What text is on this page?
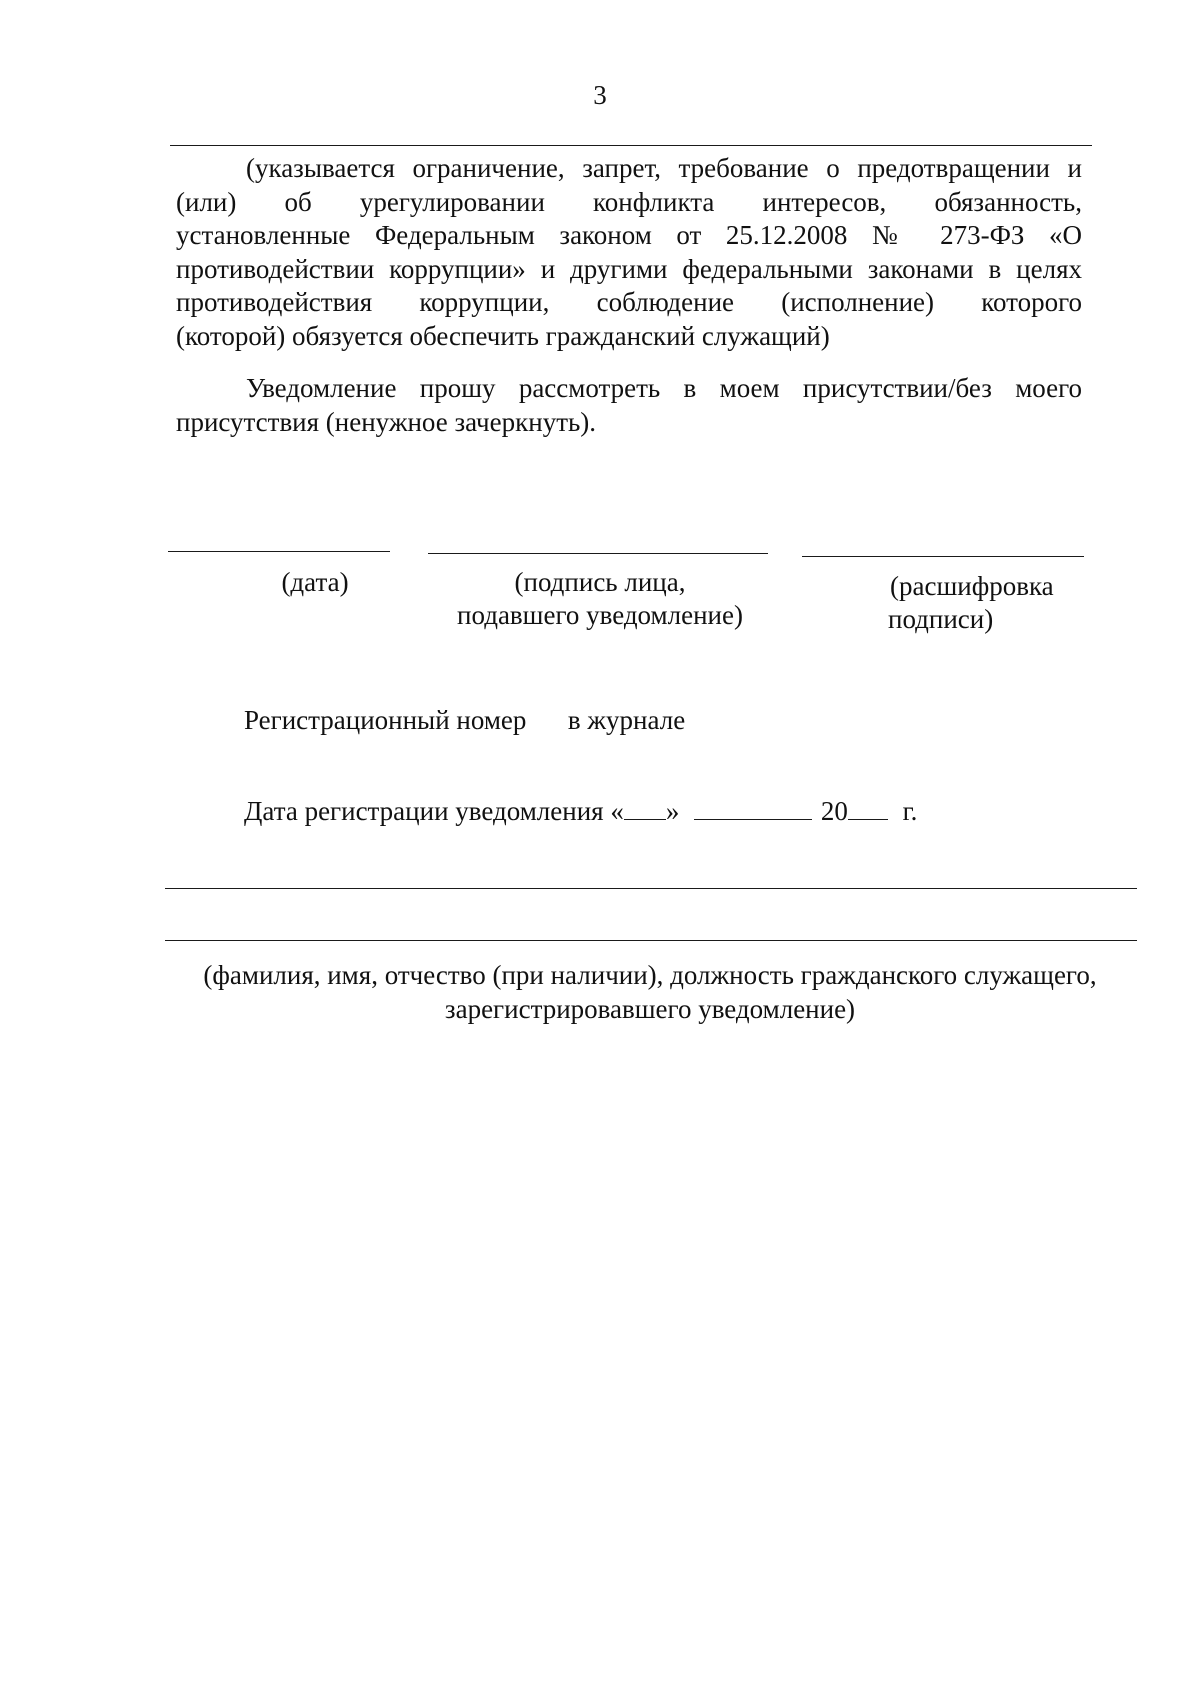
3
(указывается ограничение, запрет, требование о предотвращении и
(или) об урегулировании конфликта интересов, обязанность,
установленные Федеральным законом от 25.12.2008 № 273-ФЗ «О
противодействии коррупции» и другими федеральными законами в целях
противодействия коррупции, соблюдение (исполнение) которого
(которой) обязуется обеспечить гражданский служащий)
Уведомление прошу рассмотреть в моем присутствии/без моего
присутствия (ненужное зачеркнуть).
(дата)	(подпись лица,
подавшего уведомление)
(расшифровка
подписи)
Регистрационный номер в журнале
Дата регистрации уведомления « »	20 г.
(фамилия, имя, отчество (при наличии), должность гражданского служащего,
зарегистрировавшего уведомление)
